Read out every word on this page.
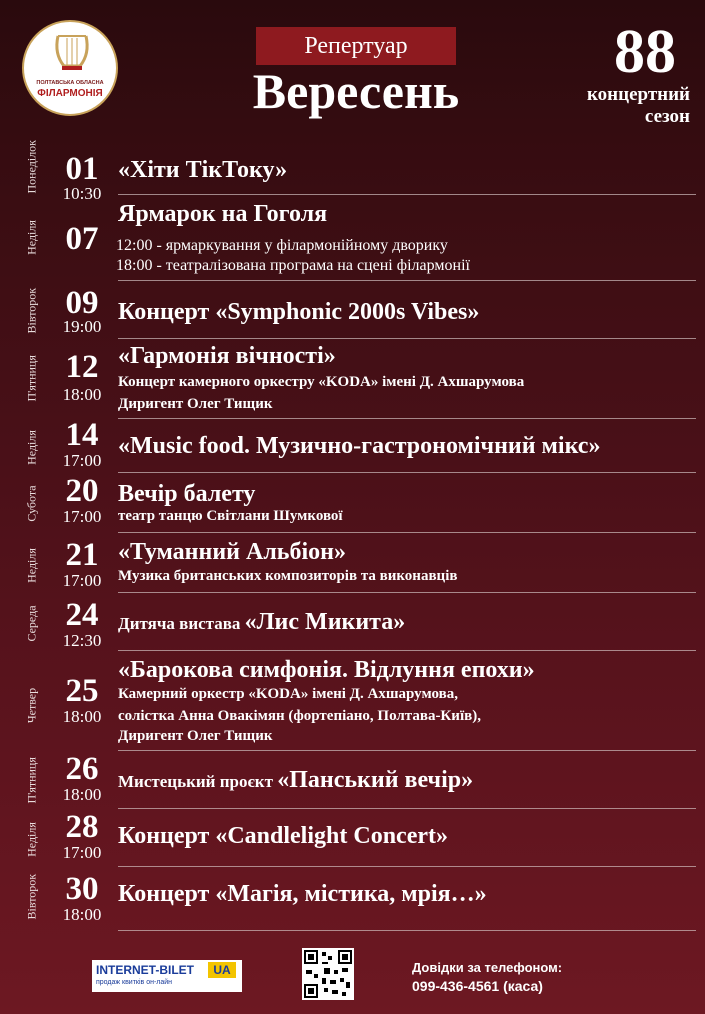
ПОЛТАВСЬКА ОБЛАСНА
ФІЛАРМОНІЯ
Репертуар
Вересень
88
концертний
сезон
Понеділок 01
10:30
«Хіти ТікТоку»
Неділя 07
Ярмарок на Гоголя
12:00 - ярмаркування у філармонійному дворику
18:00 - театралізована програма на сцені філармонії
Вівторок 09
19:00
Концерт «Symphonic 2000s Vibes»
П'ятниця 12
18:00
«Гармонія вічності»
Концерт камерного оркестру «KODA» імені Д. Ахшарумова
Диригент Олег Тищик
Неділя 14
17:00
«Music food. Музично-гастрономічний мікс»
Субота 20
17:00
Вечір балету
театр танцю Світлани Шумкової
Неділя 21
17:00
«Туманний Альбіон»
Музика британських композиторів та виконавців
Середа 24
12:30
Дитяча вистава «Лис Микита»
Четвер 25
18:00
«Барокова симфонія. Відлуння епохи»
Камерний оркестр «KODA» імені Д. Ахшарумова,
солістка Анна Овакімян (фортепіано, Полтава-Київ),
Диригент Олег Тищик
П'ятниця 26
18:00
Мистецький проєкт «Панський вечір»
Неділя 28
17:00
Концерт «Candlelight Concert»
Вівторок 30
18:00
Концерт «Магія, містика, мрія…»
INTERNET-BILET	UA
продаж квитків он-лайн
Довідки за телефоном:
099-436-4561 (каса)
